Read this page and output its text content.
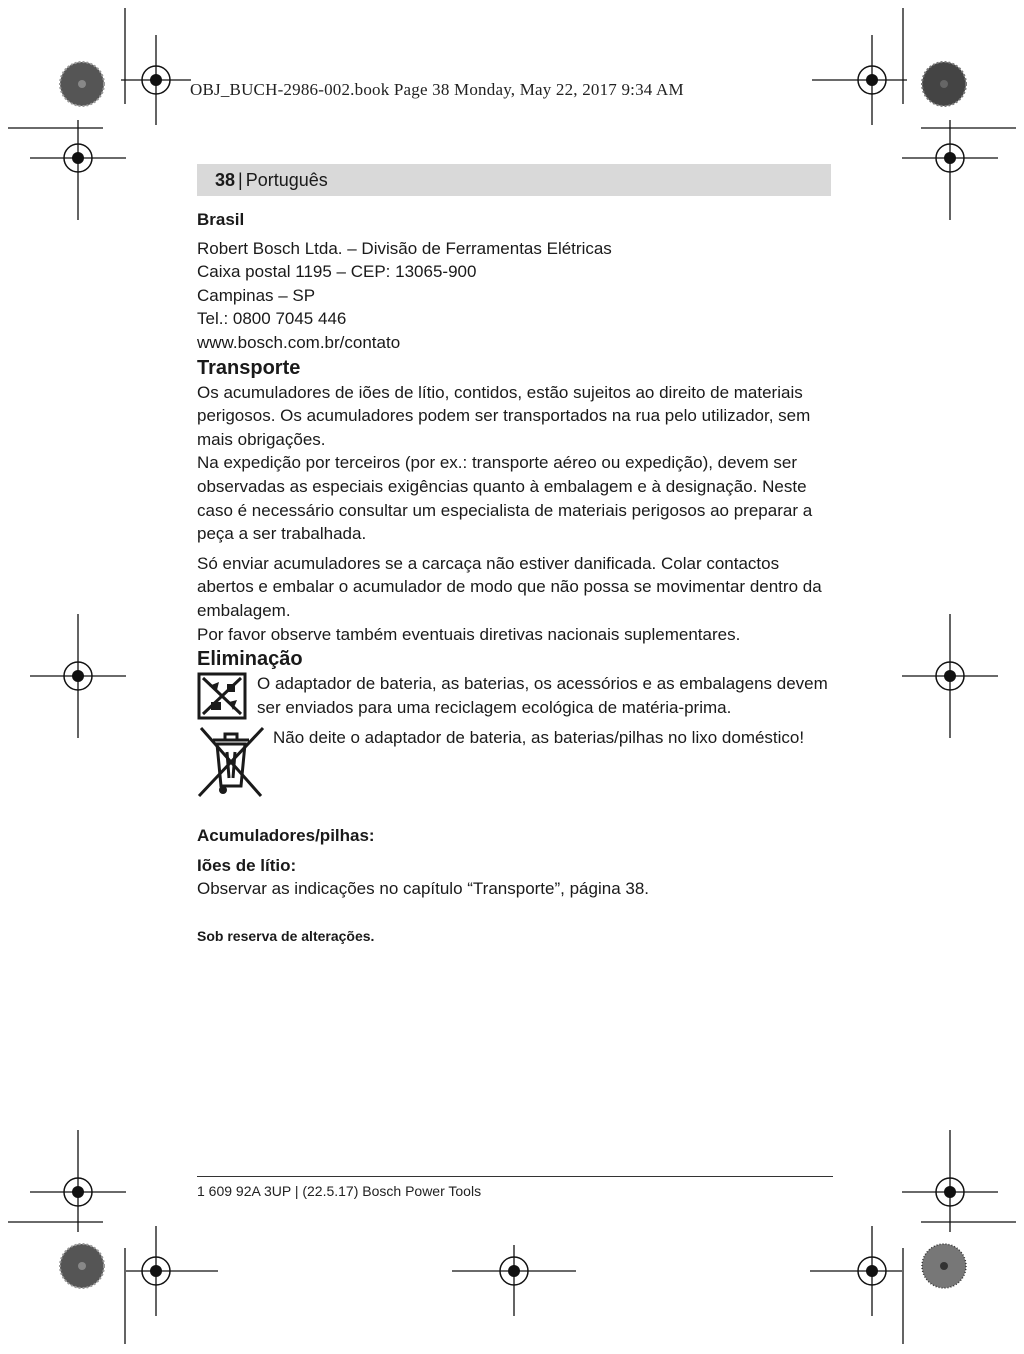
OBJ_BUCH-2986-002.book Page 38 Monday, May 22, 2017 9:34 AM
38 | Português

Brasil

Robert Bosch Ltda. – Divisão de Ferramentas Elétricas

Caixa postal 1195 – CEP: 13065-900

Campinas – SP

Tel.: 0800 7045 446

www.bosch.com.br/contato

Transporte

Os acumuladores de iões de lítio, contidos, estão sujeitos ao direito de materiais perigosos. Os acumuladores podem ser transportados na rua pelo utilizador, sem mais obrigações.

Na expedição por terceiros (por ex.: transporte aéreo ou expedição), devem ser observadas as especiais exigências quanto à embalagem e à designação. Neste caso é necessário consultar um especialista de materiais perigosos ao preparar a peça a ser trabalhada.

Só enviar acumuladores se a carcaça não estiver danificada. Colar contactos abertos e embalar o acumulador de modo que não possa se movimentar dentro da embalagem.

Por favor observe também eventuais diretivas nacionais suplementares.

Eliminação

O adaptador de bateria, as baterias, os acessórios e as embalagens devem ser enviados para uma reciclagem ecológica de matéria-prima.

Não deite o adaptador de bateria, as baterias/pilhas no lixo doméstico!

Acumuladores/pilhas:

Iões de lítio:

Observar as indicações no capítulo “Transporte”, página 38.

Sob reserva de alterações.

1 609 92A 3UP | (22.5.17) Bosch Power Tools
